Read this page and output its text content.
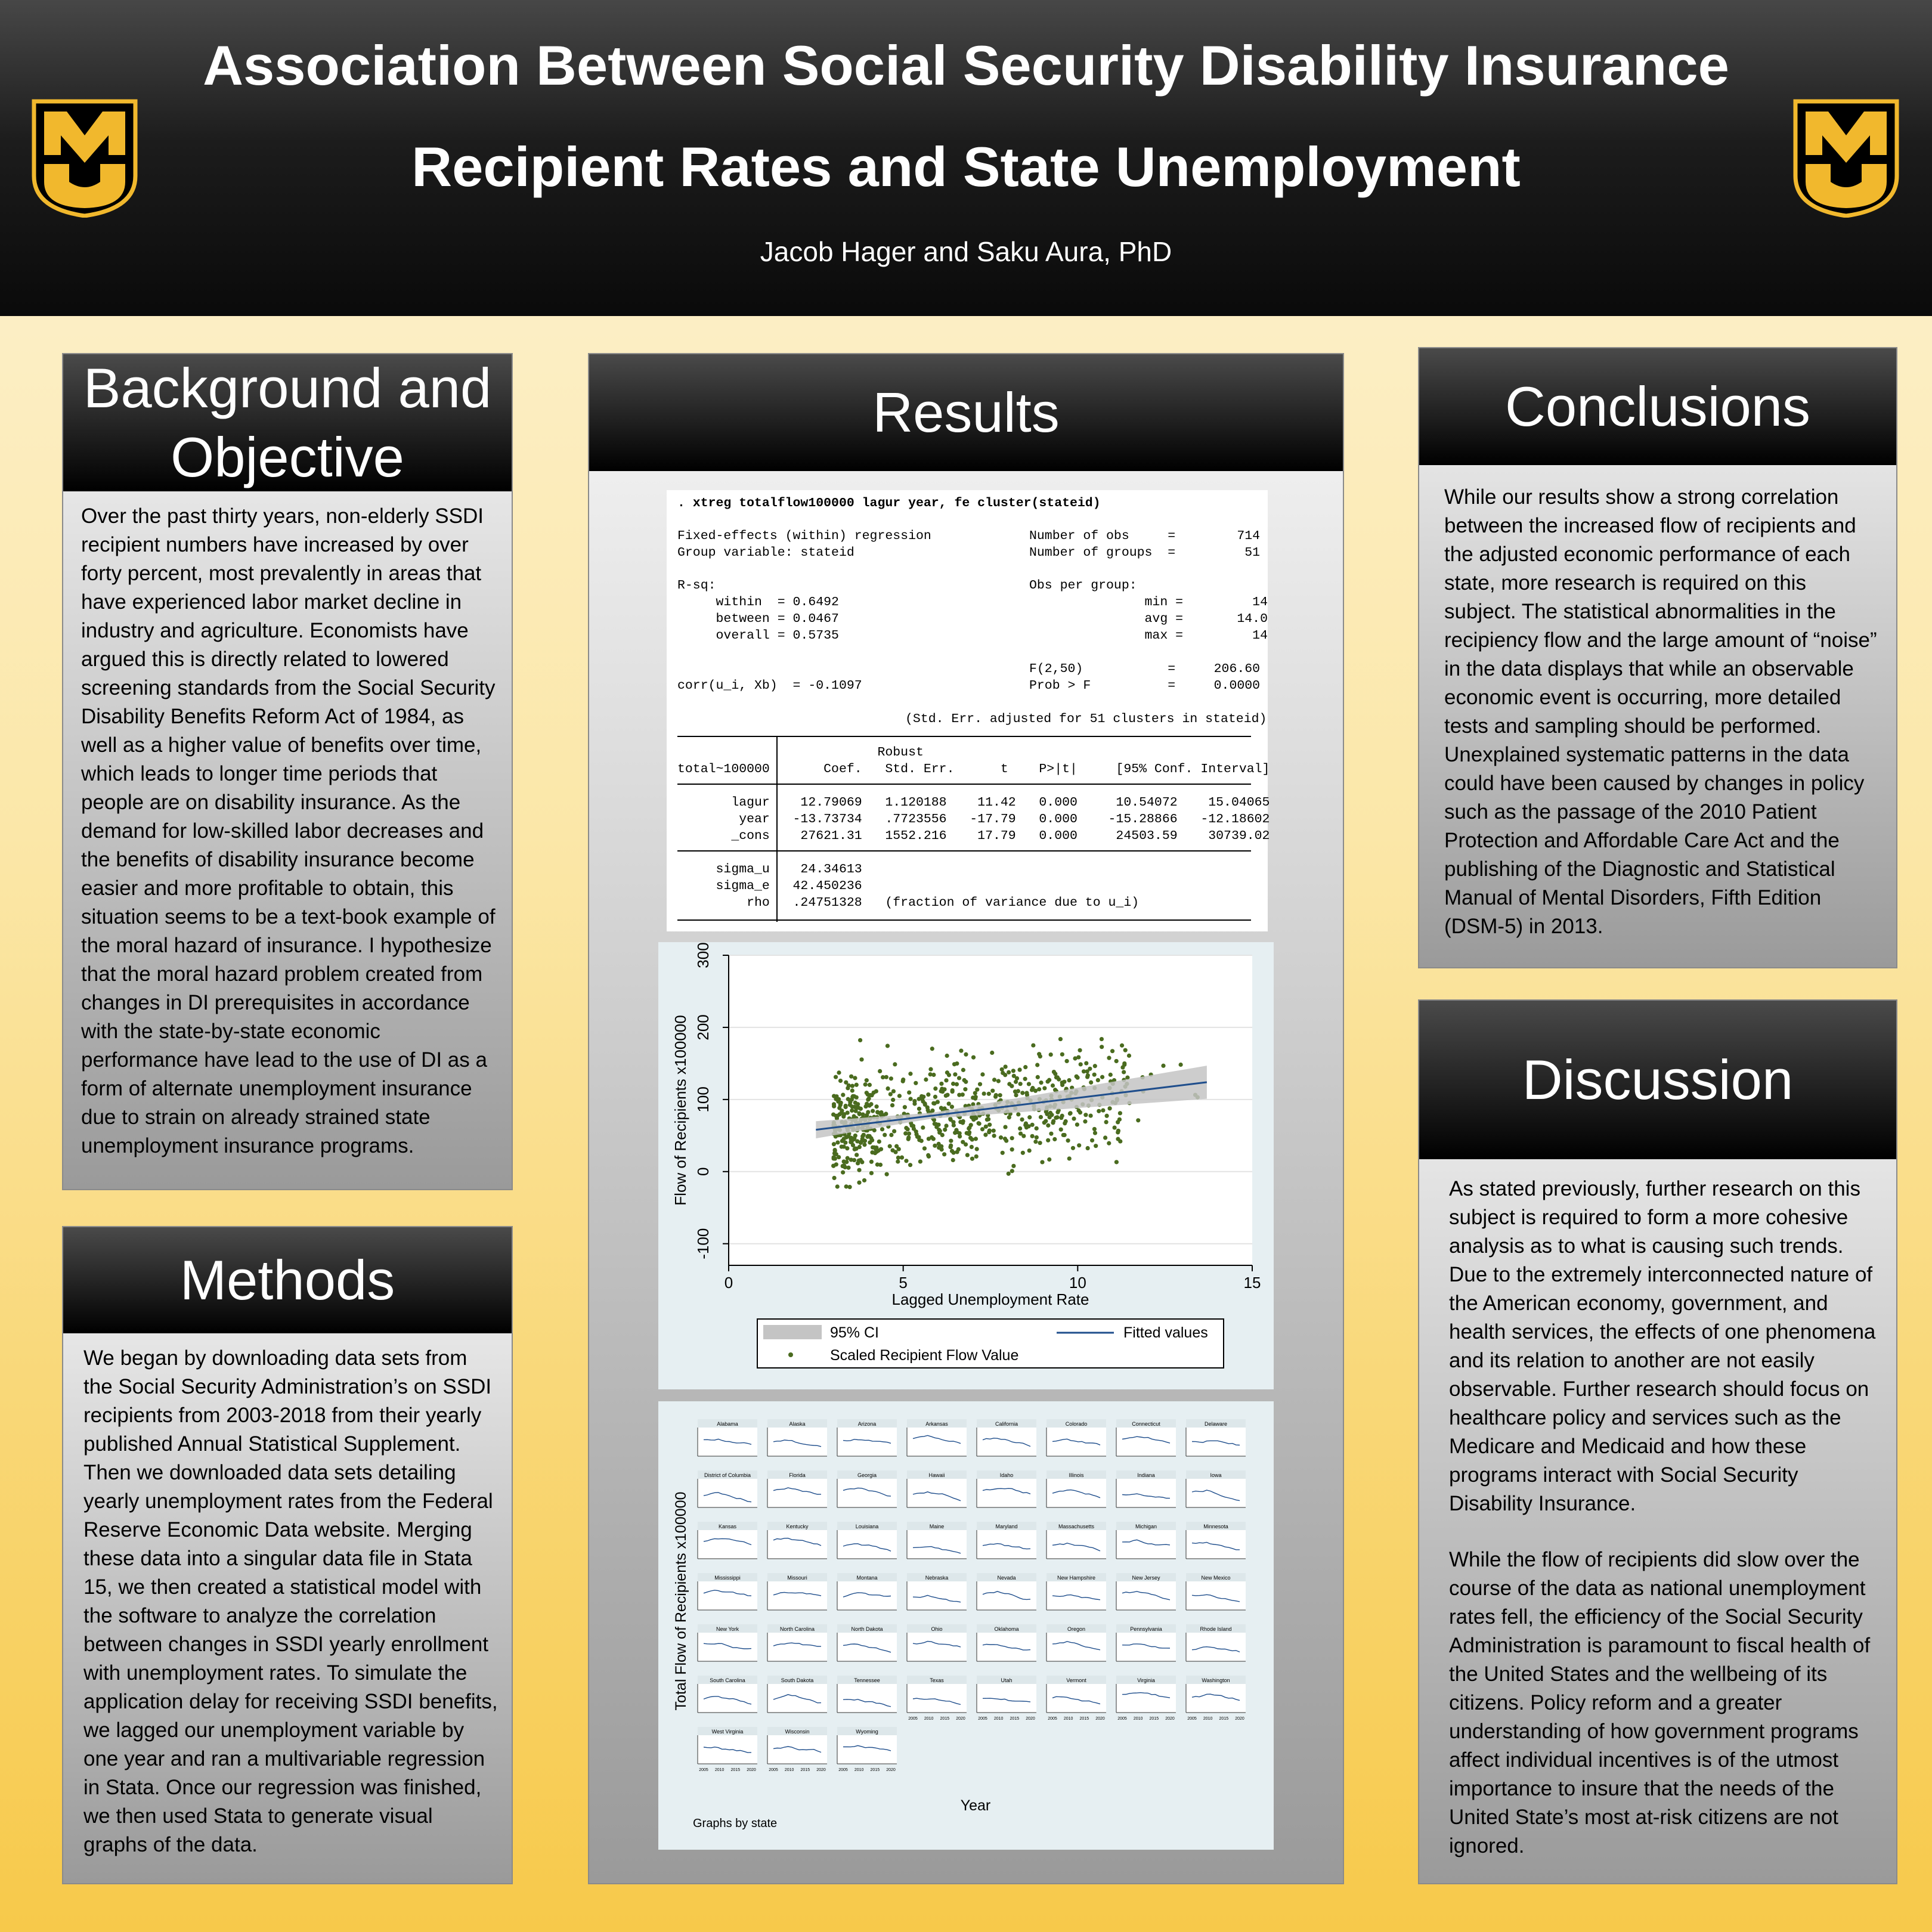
Association Between Social Security Disability Insurance
Recipient Rates and State Unemployment
Jacob Hager and Saku Aura, PhD
Background and Objective
Over the past thirty years, non-elderly SSDI recipient numbers have increased by over forty percent, most prevalently in areas that have experienced labor market decline in industry and agriculture. Economists have argued this is directly related to lowered screening standards from the Social Security Disability Benefits Reform Act of 1984, as well as a higher value of benefits over time, which leads to longer time periods that people are on disability insurance. As the demand for low-skilled labor decreases and the benefits of disability insurance become easier and more profitable to obtain, this situation seems to be a text-book example of the moral hazard of insurance. I hypothesize that the moral hazard problem created from changes in DI prerequisites in accordance with the state-by-state economic performance have lead to the use of DI as a form of alternate unemployment insurance due to strain on already strained state unemployment insurance programs.
Methods
We began by downloading data sets from the Social Security Administration’s on SSDI recipients from 2003-2018 from their yearly published Annual Statistical Supplement. Then we downloaded data sets detailing yearly unemployment rates from the Federal Reserve Economic Data website. Merging these data into a singular data file in Stata 15, we then created a statistical model with the software to analyze the correlation between changes in SSDI yearly enrollment with unemployment rates. To simulate the application delay for receiving SSDI benefits, we lagged our unemployment variable by one year and ran a multivariable regression in Stata. Once our regression was finished, we then used Stata to generate visual graphs of the data.
Results
. xtreg totalflow100000 lagur year, fe cluster(stateid)
Fixed-effects (within) regression	Number of obs     =        714
Group variable: stateid	Number of groups  =         51
R-sq:	Obs per group:
within  = 0.6492	min =         14
between = 0.0467	avg =       14.0
overall = 0.5735	max =         14
F(2,50)           =     206.60
corr(u_i, Xb)  = -0.1097	Prob > F          =     0.0000
(Std. Err. adjusted for 51 clusters in stateid)
Robust
total~100000       Coef.   Std. Err.      t    P>|t|     [95% Conf. Interval]
lagur    12.79069   1.120188    11.42   0.000     10.54072    15.04065
year   -13.73734   .7723556   -17.79   0.000    -15.28866   -12.18602
_cons    27621.31   1552.216    17.79   0.000     24503.59    30739.02
sigma_u    24.34613
sigma_e   42.450236
rho   .24751328   (fraction of variance due to u_i)
-100
0
100
200
300
0	5	10	15
Lagged Unemployment Rate
Flow of Recipients x100000
95% CI	Fitted values
Scaled Recipient Flow Value
Alabama	Alaska	Arizona	Arkansas	California	Colorado	Connecticut	Delaware
District of Columbia	Florida	Georgia	Hawaii	Idaho	Illinois	Indiana	Iowa
Kansas	Kentucky	Louisiana	Maine	Maryland	Massachusetts	Michigan	Minnesota
Mississippi	Missouri	Montana	Nebraska	Nevada	New Hampshire	New Jersey	New Mexico
New York	North Carolina	North Dakota	Ohio	Oklahoma	Oregon	Pennsylvania	Rhode Island
South Carolina	South Dakota	Tennessee	Texas
2005 2010 2015 2020
Utah
2005 2010 2015 2020
Vermont
2005 2010 2015 2020
Virginia
2005 2010 2015 2020
Washington
2005 2010 2015 2020
West Virginia
2005 2010 2015 2020
Wisconsin
2005 2010 2015 2020
Wyoming
2005 2010 2015 2020
Year
Total Flow of Recipients x100000
Graphs by state
Conclusions
While our results show a strong correlation between the increased flow of recipients and the adjusted economic performance of each state, more research is required on this subject. The statistical abnormalities in the recipiency flow and the large amount of “noise” in the data displays that while an observable economic event is occurring, more detailed tests and sampling should be performed. Unexplained systematic patterns in the data could have been caused by changes in policy such as the passage of the 2010 Patient Protection and Affordable Care Act and the publishing of the Diagnostic and Statistical Manual of Mental Disorders, Fifth Edition (DSM-5) in 2013.
Discussion
As stated previously, further research on this subject is required to form a more cohesive analysis as to what is causing such trends. Due to the extremely interconnected nature of the American economy, government, and health services, the effects of one phenomena and its relation to another are not easily observable. Further research should focus on healthcare policy and services such as the Medicare and Medicaid and how these programs interact with Social Security Disability Insurance.
While the flow of recipients did slow over the course of the data as national unemployment rates fell, the efficiency of the Social Security Administration is paramount to fiscal health of the United States and the wellbeing of its citizens. Policy reform and a greater understanding of how government programs affect individual incentives is of the utmost importance to insure that the needs of the United State’s most at-risk citizens are not ignored.
